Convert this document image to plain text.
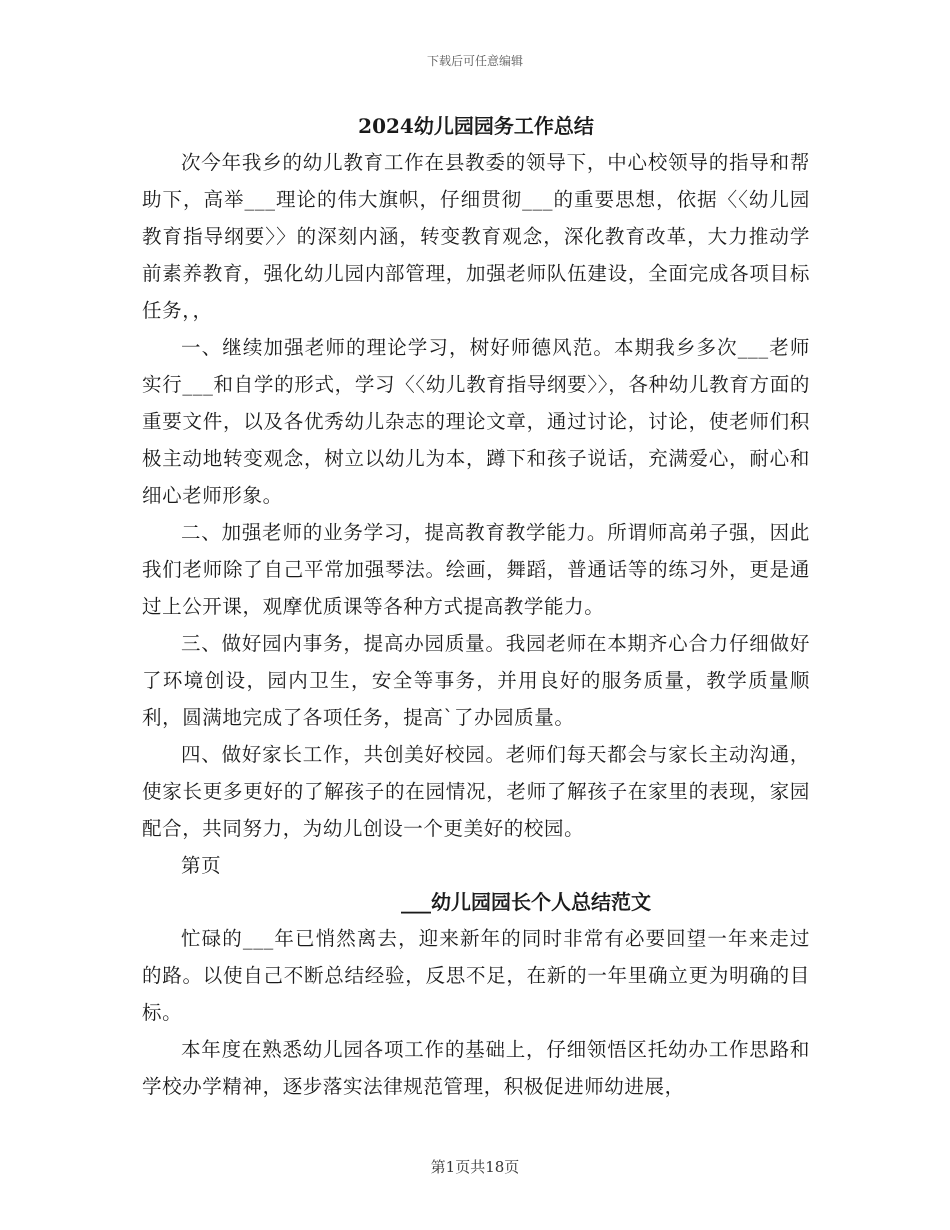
下载后可任意编辑
2024幼儿园园务工作总结

次今年我乡的幼儿教育工作在县教委的领导下，中心校领导的指导和帮助下，高举___理论的伟大旗帜，仔细贯彻___的重要思想，依据〈〈幼儿园教育指导纲要〉〉的深刻内涵，转变教育观念，深化教育改革，大力推动学前素养教育，强化幼儿园内部管理，加强老师队伍建设，全面完成各项目标任务，，

一、继续加强老师的理论学习，树好师德风范。本期我乡多次___老师实行___和自学的形式，学习〈〈幼儿教育指导纲要〉〉，各种幼儿教育方面的重要文件，以及各优秀幼儿杂志的理论文章，通过讨论，讨论，使老师们积极主动地转变观念，树立以幼儿为本，蹲下和孩子说话，充满爱心，耐心和细心老师形象。

二、加强老师的业务学习，提高教育教学能力。所谓师高弟子强，因此我们老师除了自己平常加强琴法。绘画，舞蹈，普通话等的练习外，更是通过上公开课，观摩优质课等各种方式提高教学能力。

三、做好园内事务，提高办园质量。我园老师在本期齐心合力仔细做好了环境创设，园内卫生，安全等事务，并用良好的服务质量，教学质量顺利，圆满地完成了各项任务，提高`了办园质量。

四、做好家长工作，共创美好校园。老师们每天都会与家长主动沟通，使家长更多更好的了解孩子的在园情况，老师了解孩子在家里的表现，家园配合，共同努力，为幼儿创设一个更美好的校园。

第页

___幼儿园园长个人总结范文

忙碌的___年已悄然离去，迎来新年的同时非常有必要回望一年来走过的路。以使自己不断总结经验，反思不足，在新的一年里确立更为明确的目标。

本年度在熟悉幼儿园各项工作的基础上，仔细领悟区托幼办工作思路和学校办学精神，逐步落实法律规范管理，积极促进师幼进展，

第1页共18页
